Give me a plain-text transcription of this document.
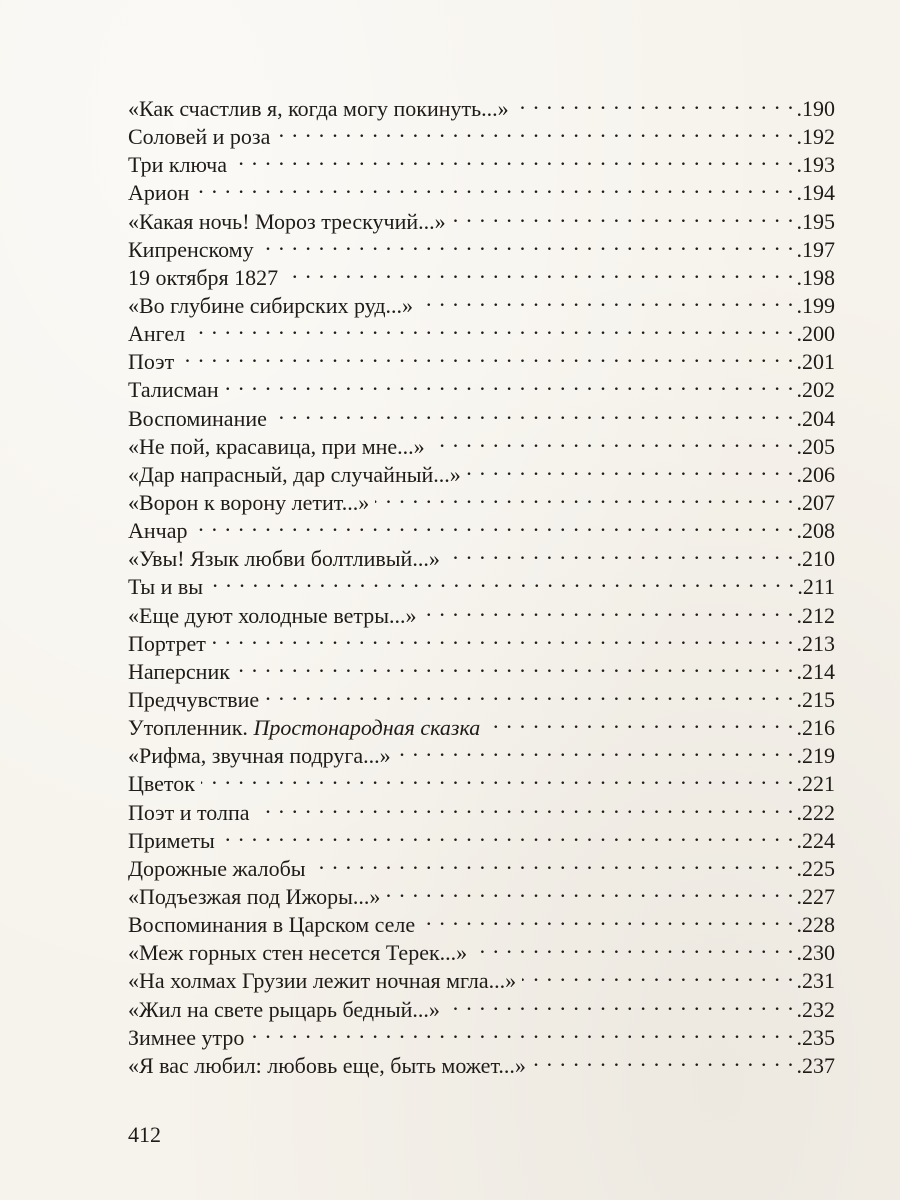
«Как счастлив я, когда могу покинуть...» . . .	.190
Соловей и роза . . .	.192
Три ключа . . .	.193
Арион . . .	.194
«Какая ночь! Мороз трескучий...» . . .	.195
Кипренскому . . .	.197
19 октября 1827 . . .	.198
«Во глубине сибирских руд...» . . .	.199
Ангел . . .	.200
Поэт . . .	.201
Талисман . . .	.202
Воспоминание . . .	.204
«Не пой, красавица, при мне...» . . .	.205
«Дар напрасный, дар случайный...» . . .	.206
«Ворон к ворону летит...» . . .	.207
Анчар . . .	.208
«Увы! Язык любви болтливый...» . . .	.210
Ты и вы . . .	.211
«Еще дуют холодные ветры...» . . .	.212
Портрет . . .	.213
Наперсник . . .	.214
Предчувствие . . .	.215
Утопленник. Простонародная сказка . . .	.216
«Рифма, звучная подруга...» . . .	.219
Цветок . . .	.221
Поэт и толпа . . .	.222
Приметы . . .	.224
Дорожные жалобы . . .	.225
«Подъезжая под Ижоры...» . . .	.227
Воспоминания в Царском селе . . .	.228
«Меж горных стен несется Терек...» . . .	.230
«На холмах Грузии лежит ночная мгла...» . . .	.231
«Жил на свете рыцарь бедный...» . . .	.232
Зимнее утро . . .	.235
«Я вас любил: любовь еще, быть может...» . . .	.237
412
